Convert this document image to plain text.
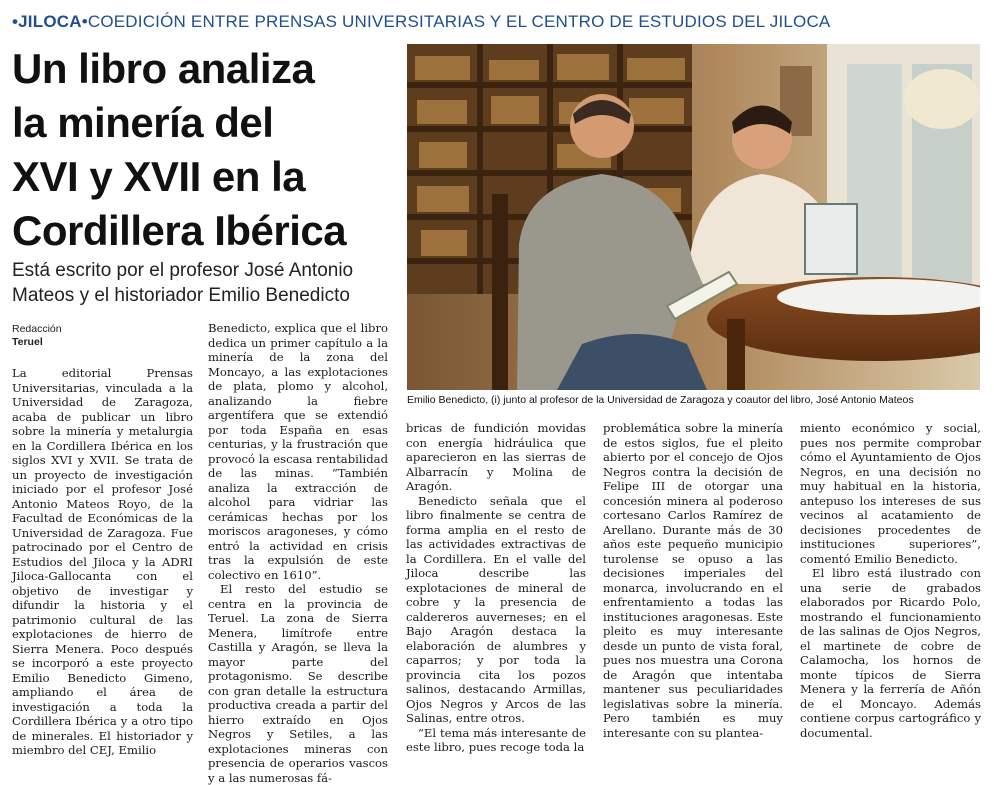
•JILOCA•COEDICIÓN ENTRE PRENSAS UNIVERSITARIAS Y EL CENTRO DE ESTUDIOS DEL JILOCA
Un libro analiza
la minería del
XVI y XVII en la
Cordillera Ibérica
Está escrito por el profesor José Antonio Mateos y el historiador Emilio Benedicto
Redacción
Teruel
Emilio Benedicto, (i) junto al profesor de la Universidad de Zaragoza y coautor del libro, José Antonio Mateos

La editorial Prensas Universitarias, vinculada a la Universidad de Zaragoza, acaba de publicar un libro sobre la minería y metalurgia en la Cordillera Ibérica en los siglos XVI y XVII. Se trata de un proyecto de investigación iniciado por el profesor José Antonio Mateos Royo, de la Facultad de Económicas de la Universidad de Zaragoza. Fue patrocinado por el Centro de Estudios del Jiloca y la ADRI Jiloca-Gallocanta con el objetivo de investigar y difundir la historia y el patrimonio cultural de las explotaciones de hierro de Sierra Menera. Poco después se incorporó a este proyecto Emilio Benedicto Gimeno, ampliando el área de investigación a toda la Cordillera Ibérica y a otro tipo de minerales. El historiador y miembro del CEJ, Emilio

Benedicto, explica que el libro dedica un primer capítulo a la minería de la zona del Moncayo, a las explotaciones de plata, plomo y alcohol, analizando la fiebre argentífera que se extendió por toda España en esas centurias, y la frustración que provocó la escasa rentabilidad de las minas. “También analiza la extracción de alcohol para vidriar las cerámicas hechas por los moriscos aragoneses, y cómo entró la actividad en crisis tras la expulsión de este colectivo en 1610”.

El resto del estudio se centra en la provincia de Teruel. La zona de Sierra Menera, limítrofe entre Castilla y Aragón, se lleva la mayor parte del protagonismo. Se describe con gran detalle la estructura productiva creada a partir del hierro extraído en Ojos Negros y Setiles, a las explotaciones mineras con presencia de operarios vascos y a las numerosas fá-

bricas de fundición movidas con energía hidráulica que aparecieron en las sierras de Albarracín y Molina de Aragón.

Benedicto señala que el libro finalmente se centra de forma amplia en el resto de las actividades extractivas de la Cordillera. En el valle del Jiloca describe las explotaciones de mineral de cobre y la presencia de caldereros auverneses; en el Bajo Aragón destaca la elaboración de alumbres y caparros; y por toda la provincia cita los pozos salinos, destacando Armillas, Ojos Negros y Arcos de las Salinas, entre otros.

“El tema más interesante de este libro, pues recoge toda la

problemática sobre la minería de estos siglos, fue el pleito abierto por el concejo de Ojos Negros contra la decisión de Felipe III de otorgar una concesión minera al poderoso cortesano Carlos Ramírez de Arellano. Durante más de 30 años este pequeño municipio turolense se opuso a las decisiones imperiales del monarca, involucrando en el enfrentamiento a todas las instituciones aragonesas. Este pleito es muy interesante desde un punto de vista foral, pues nos muestra una Corona de Aragón que intentaba mantener sus peculiaridades legislativas sobre la minería. Pero también es muy interesante con su planteа-

miento económico y social, pues nos permite comprobar cómo el Ayuntamiento de Ojos Negros, en una decisión no muy habitual en la historia, antepuso los intereses de sus vecinos al acatamiento de decisiones procedentes de instituciones superiores”, comentó Emilio Benedicto.

El libro está ilustrado con una serie de grabados elaborados por Ricardo Polo, mostrando el funcionamiento de las salinas de Ojos Negros, el martinete de cobre de Calamocha, los hornos de monte típicos de Sierra Menera y la ferrería de Añón de el Moncayo. Además contiene corpus cartográfico y documental.
